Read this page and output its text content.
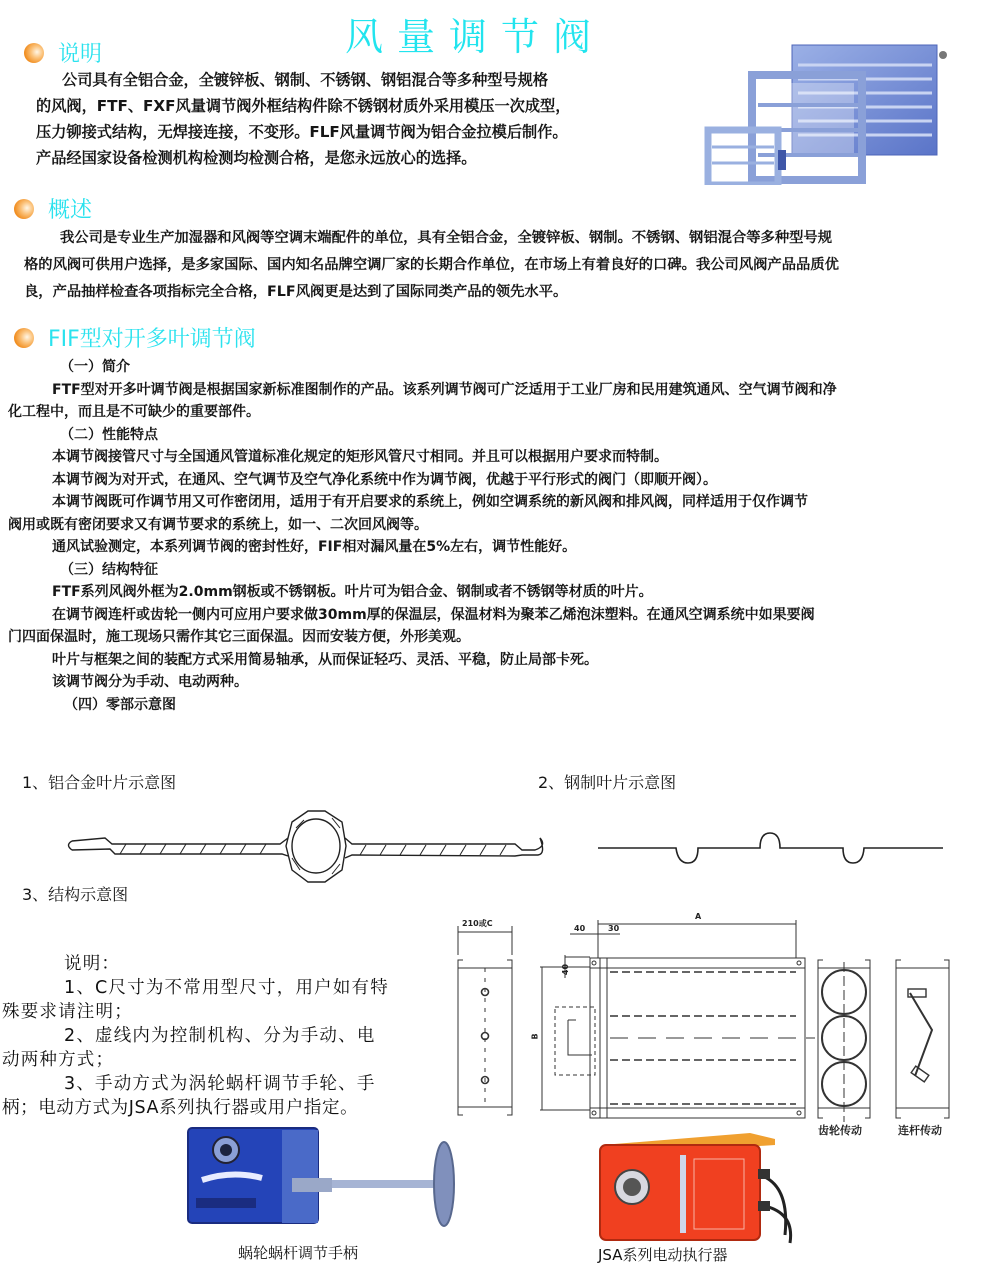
风量调节阀
说明

公司具有全铝合金，全镀锌板、钢制、不锈钢、钢铝混合等多种型号规格

的风阀，FTF、FXF风量调节阀外框结构件除不锈钢材质外采用模压一次成型，

压力铆接式结构，无焊接连接，不变形。FLF风量调节阀为铝合金拉模后制作。

产品经国家设备检测机构检测均检测合格，是您永远放心的选择。

概述

我公司是专业生产加湿器和风阀等空调末端配件的单位，具有全铝合金，全镀锌板、钢制。不锈钢、钢铝混合等多种型号规

格的风阀可供用户选择，是多家国际、国内知名品牌空调厂家的长期合作单位，在市场上有着良好的口碑。我公司风阀产品品质优

良，产品抽样检查各项指标完全合格，FLF风阀更是达到了国际同类产品的领先水平。

FIF型对开多叶调节阀

（一）简介

FTF型对开多叶调节阀是根据国家新标准图制作的产品。该系列调节阀可广泛适用于工业厂房和民用建筑通风、空气调节阀和净

化工程中，而且是不可缺少的重要部件。

（二）性能特点

本调节阀接管尺寸与全国通风管道标准化规定的矩形风管尺寸相同。并且可以根据用户要求而特制。

本调节阀为对开式，在通风、空气调节及空气净化系统中作为调节阀，优越于平行形式的阀门（即顺开阀）。

本调节阀既可作调节用又可作密闭用，适用于有开启要求的系统上，例如空调系统的新风阀和排风阀，同样适用于仅作调节

阀用或既有密闭要求又有调节要求的系统上，如一、二次回风阀等。

通风试验测定，本系列调节阀的密封性好，FIF相对漏风量在5%左右，调节性能好。

（三）结构特征

FTF系列风阀外框为2.0mm钢板或不锈钢板。叶片可为铝合金、钢制或者不锈钢等材质的叶片。

在调节阀连杆或齿轮一侧内可应用户要求做30mm厚的保温层，保温材料为聚苯乙烯泡沫塑料。在通风空调系统中如果要阀

门四面保温时，施工现场只需作其它三面保温。因而安装方便，外形美观。

叶片与框架之间的装配方式采用简易轴承，从而保证轻巧、灵活、平稳，防止局部卡死。

该调节阀分为手动、电动两种。

（四）零部示意图

1、铝合金叶片示意图	2、钢制叶片示意图
3、结构示意图

说明：

1、C尺寸为不常用型尺寸，用户如有特

殊要求请注明；

2、虚线内为控制机构、分为手动、电

动两种方式；

3、手动方式为涡轮蜗杆调节手轮、手

柄；电动方式为JSA系列执行器或用户指定。

210或C
A
40	30
40
B
齿轮传动	连杆传动
蜗轮蜗杆调节手柄	JSA系列电动执行器
